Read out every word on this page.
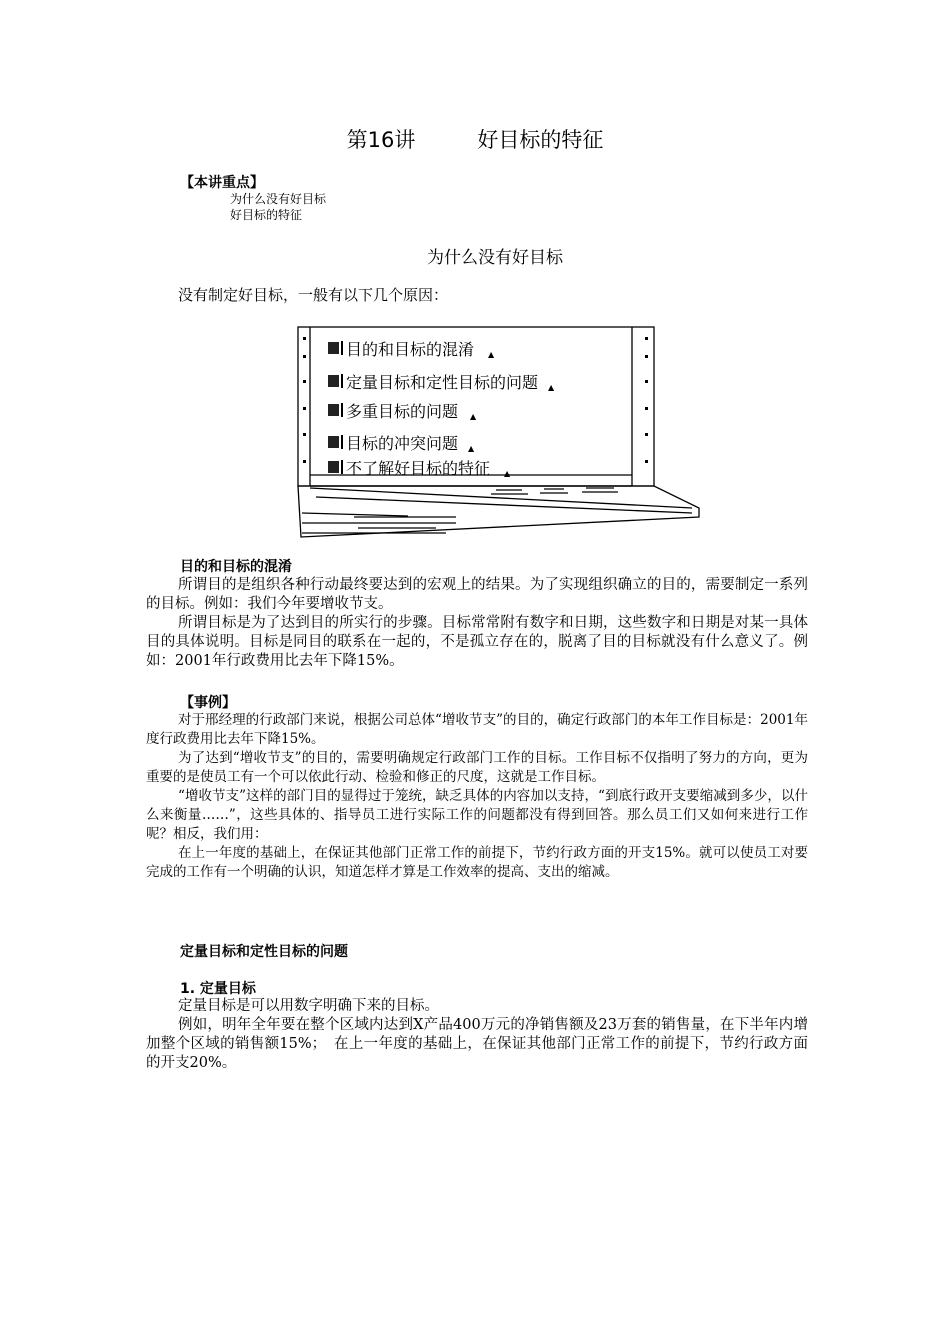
第16讲	好目标的特征
【本讲重点】
为什么没有好目标
好目标的特征
为什么没有好目标
没有制定好目标，一般有以下几个原因：
目的和目标的混淆 ▲
定量目标和定性目标的问题 ▲
多重目标的问题 ▲
目标的冲突问题 ▲
不了解好目标的特征 ▲
目的和目标的混淆

所谓目的是组织各种行动最终要达到的宏观上的结果。为了实现组织确立的目的，需要制定一系列的目标。例如：我们今年要增收节支。

所谓目标是为了达到目的所实行的步骤。目标常常附有数字和日期，这些数字和日期是对某一具体目的具体说明。目标是同目的联系在一起的，不是孤立存在的，脱离了目的目标就没有什么意义了。例如：2001年行政费用比去年下降15%。

【事例】

对于邢经理的行政部门来说，根据公司总体“增收节支”的目的，确定行政部门的本年工作目标是：2001年度行政费用比去年下降15%。

为了达到“增收节支”的目的，需要明确规定行政部门工作的目标。工作目标不仅指明了努力的方向，更为重要的是使员工有一个可以依此行动、检验和修正的尺度，这就是工作目标。

“增收节支”这样的部门目的显得过于笼统，缺乏具体的内容加以支持，“到底行政开支要缩减到多少，以什么来衡量……”，这些具体的、指导员工进行实际工作的问题都没有得到回答。那么员工们又如何来进行工作呢？相反，我们用：

在上一年度的基础上，在保证其他部门正常工作的前提下，节约行政方面的开支15%。就可以使员工对要完成的工作有一个明确的认识，知道怎样才算是工作效率的提高、支出的缩减。

定量目标和定性目标的问题
1. 定量目标

定量目标是可以用数字明确下来的目标。

例如，明年全年要在整个区域内达到X产品400万元的净销售额及23万套的销售量，在下半年内增加整个区域的销售额15%；　在上一年度的基础上，在保证其他部门正常工作的前提下，节约行政方面的开支20%。
